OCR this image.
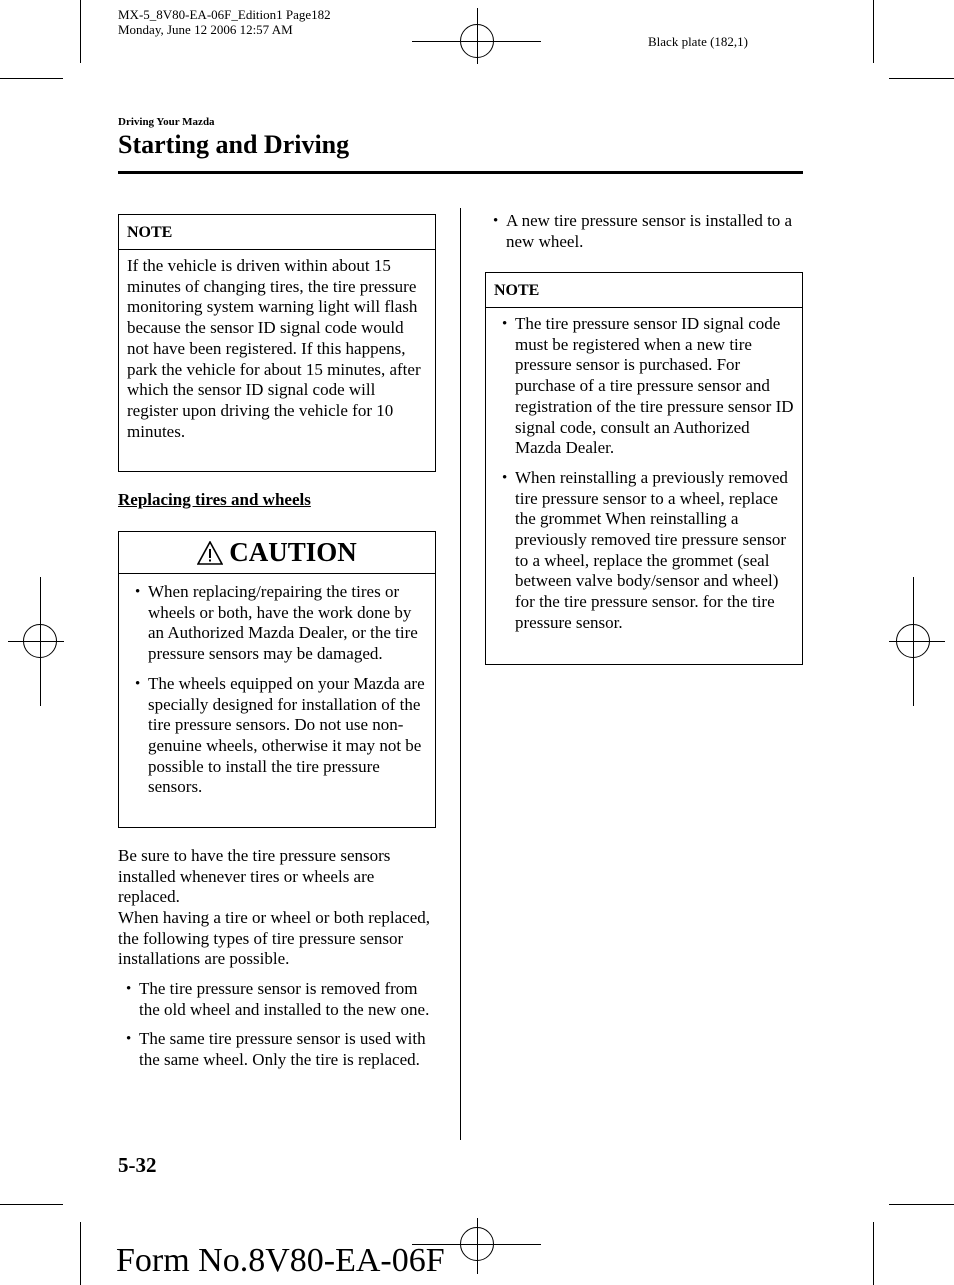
MX-5_8V80-EA-06F_Edition1 Page182
Monday, June 12 2006 12:57 AM
Black plate (182,1)
Driving Your Mazda
Starting and Driving
NOTE
If the vehicle is driven within about 15 minutes of changing tires, the tire pressure monitoring system warning light will flash because the sensor ID signal code would not have been registered. If this happens, park the vehicle for about 15 minutes, after which the sensor ID signal code will register upon driving the vehicle for 10 minutes.
Replacing tires and wheels
CAUTION
• When replacing/repairing the tires or wheels or both, have the work done by an Authorized Mazda Dealer, or the tire pressure sensors may be damaged.
• The wheels equipped on your Mazda are specially designed for installation of the tire pressure sensors. Do not use non-genuine wheels, otherwise it may not be possible to install the tire pressure sensors.
Be sure to have the tire pressure sensors installed whenever tires or wheels are replaced.
When having a tire or wheel or both replaced, the following types of tire pressure sensor installations are possible.
• The tire pressure sensor is removed from the old wheel and installed to the new one.
• The same tire pressure sensor is used with the same wheel. Only the tire is replaced.
• A new tire pressure sensor is installed to a new wheel.
NOTE
• The tire pressure sensor ID signal code must be registered when a new tire pressure sensor is purchased. For purchase of a tire pressure sensor and registration of the tire pressure sensor ID signal code, consult an Authorized Mazda Dealer.
• When reinstalling a previously removed tire pressure sensor to a wheel, replace the grommet When reinstalling a previously removed tire pressure sensor to a wheel, replace the grommet (seal between valve body/sensor and wheel) for the tire pressure sensor. for the tire pressure sensor.
5-32
Form No.8V80-EA-06F
